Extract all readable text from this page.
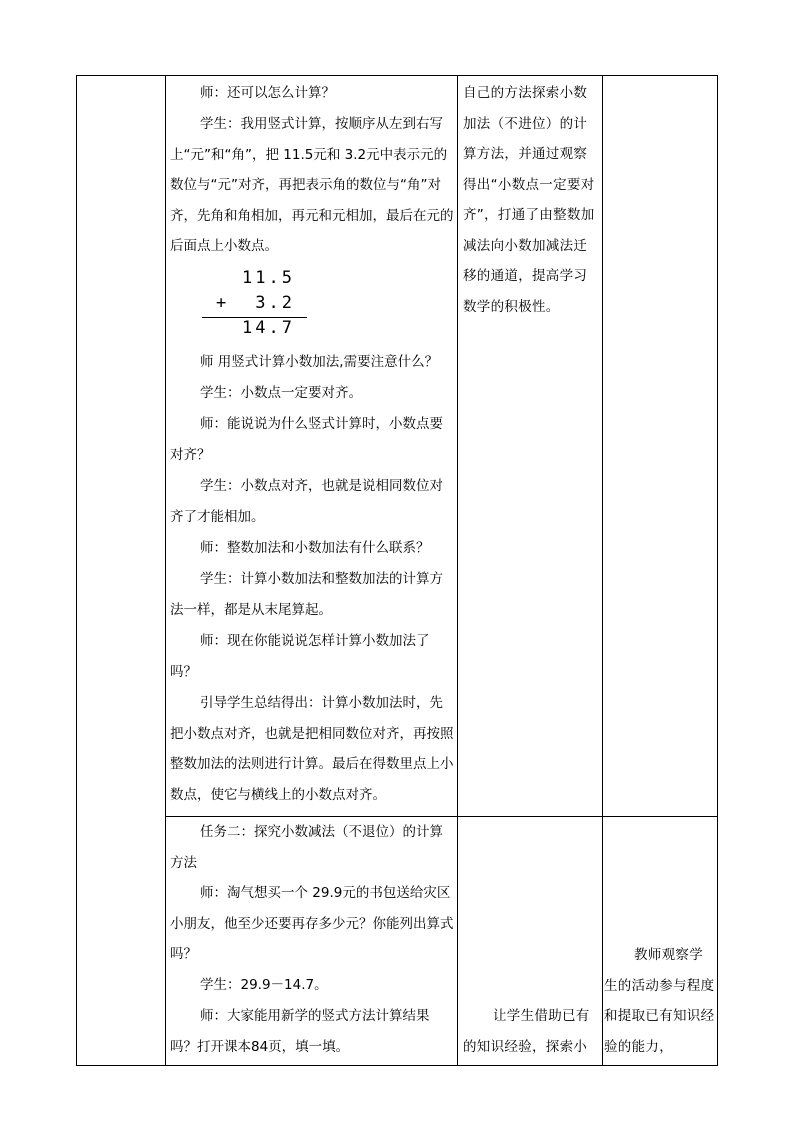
师：还可以怎么计算？

学生：我用竖式计算，按顺序从左到右写上“元”和“角”，把 11.5元和 3.2元中表示元的数位与“元”对齐，再把表示角的数位与“角”对齐，先角和角相加，再元和元相加，最后在元的后面点上小数点。

11.5
+ 3.2
14.7

师 用竖式计算小数加法,需要注意什么？

学生：小数点一定要对齐。

师：能说说为什么竖式计算时，小数点要对齐？

学生：小数点对齐，也就是说相同数位对齐了才能相加。

师：整数加法和小数加法有什么联系？

学生：计算小数加法和整数加法的计算方法一样，都是从末尾算起。

师：现在你能说说怎样计算小数加法了吗？

引导学生总结得出：计算小数加法时，先把小数点对齐，也就是把相同数位对齐，再按照整数加法的法则进行计算。最后在得数里点上小数点，使它与横线上的小数点对齐。

自己的方法探索小数加法（不进位）的计算方法，并通过观察得出“小数点一定要对齐”，打通了由整数加减法向小数加减法迁移的通道，提高学习数学的积极性。

任务二：探究小数减法（不退位）的计算方法

师：淘气想买一个 29.9元的书包送给灾区小朋友，他至少还要再存多少元？你能列出算式吗？

学生：29.9－14.7。

师：大家能用新学的竖式方法计算结果吗？打开课本84页，填一填。

让学生借助已有的知识经验，探索小

教师观察学生的活动参与程度和提取已有知识经验的能力，
